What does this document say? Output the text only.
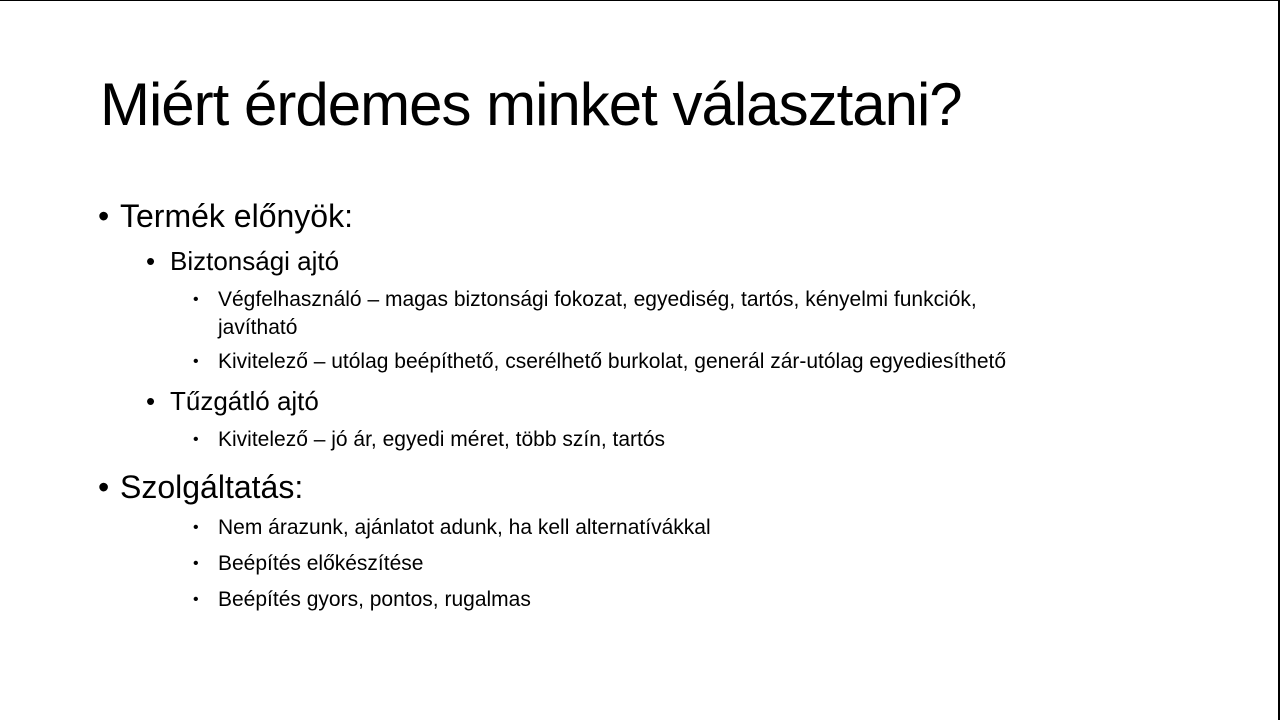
Miért érdemes minket választani?
• Termék előnyök:
• Biztonsági ajtó
• Végfelhasználó – magas biztonsági fokozat, egyediség, tartós, kényelmi funkciók,
javítható
• Kivitelező – utólag beépíthető, cserélhető burkolat, generál zár-utólag egyediesíthető
• Tűzgátló ajtó
• Kivitelező – jó ár, egyedi méret, több szín, tartós
• Szolgáltatás:
• Nem árazunk, ajánlatot adunk, ha kell alternatívákkal
• Beépítés előkészítése
• Beépítés gyors, pontos, rugalmas
